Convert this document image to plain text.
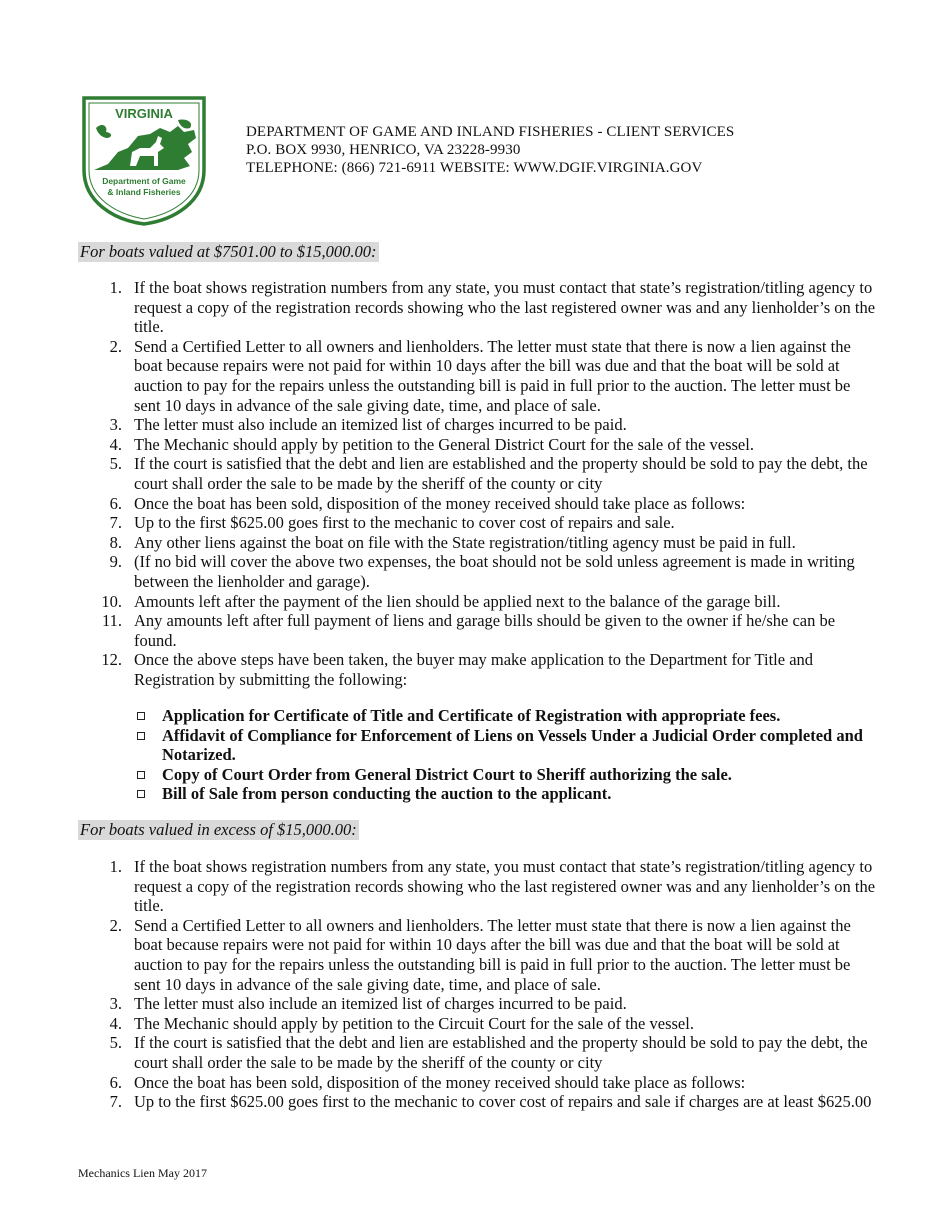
VIRGINIA
Department of Game
& Inland Fisheries
DEPARTMENT OF GAME AND INLAND FISHERIES - CLIENT SERVICES
P.O. BOX 9930, HENRICO, VA 23228-9930
TELEPHONE: (866) 721-6911 WEBSITE: WWW.DGIF.VIRGINIA.GOV
For boats valued at $7501.00 to $15,000.00:
1. If the boat shows registration numbers from any state, you must contact that state’s registration/titling agency to request a copy of the registration records showing who the last registered owner was and any lienholder’s on the title.
2. Send a Certified Letter to all owners and lienholders. The letter must state that there is now a lien against the boat because repairs were not paid for within 10 days after the bill was due and that the boat will be sold at auction to pay for the repairs unless the outstanding bill is paid in full prior to the auction. The letter must be sent 10 days in advance of the sale giving date, time, and place of sale.
3. The letter must also include an itemized list of charges incurred to be paid.
4. The Mechanic should apply by petition to the General District Court for the sale of the vessel.
5. If the court is satisfied that the debt and lien are established and the property should be sold to pay the debt, the court shall order the sale to be made by the sheriff of the county or city
6. Once the boat has been sold, disposition of the money received should take place as follows:
7. Up to the first $625.00 goes first to the mechanic to cover cost of repairs and sale.
8. Any other liens against the boat on file with the State registration/titling agency must be paid in full.
9. (If no bid will cover the above two expenses, the boat should not be sold unless agreement is made in writing between the lienholder and garage).
10. Amounts left after the payment of the lien should be applied next to the balance of the garage bill.
11. Any amounts left after full payment of liens and garage bills should be given to the owner if he/she can be found.
12. Once the above steps have been taken, the buyer may make application to the Department for Title and Registration by submitting the following:
Application for Certificate of Title and Certificate of Registration with appropriate fees.
Affidavit of Compliance for Enforcement of Liens on Vessels Under a Judicial Order completed and Notarized.
Copy of Court Order from General District Court to Sheriff authorizing the sale.
Bill of Sale from person conducting the auction to the applicant.
For boats valued in excess of $15,000.00:
1. If the boat shows registration numbers from any state, you must contact that state’s registration/titling agency to request a copy of the registration records showing who the last registered owner was and any lienholder’s on the title.
2. Send a Certified Letter to all owners and lienholders. The letter must state that there is now a lien against the boat because repairs were not paid for within 10 days after the bill was due and that the boat will be sold at auction to pay for the repairs unless the outstanding bill is paid in full prior to the auction. The letter must be sent 10 days in advance of the sale giving date, time, and place of sale.
3. The letter must also include an itemized list of charges incurred to be paid.
4. The Mechanic should apply by petition to the Circuit Court for the sale of the vessel.
5. If the court is satisfied that the debt and lien are established and the property should be sold to pay the debt, the court shall order the sale to be made by the sheriff of the county or city
6. Once the boat has been sold, disposition of the money received should take place as follows:
7. Up to the first $625.00 goes first to the mechanic to cover cost of repairs and sale if charges are at least $625.00
Mechanics Lien May 2017
